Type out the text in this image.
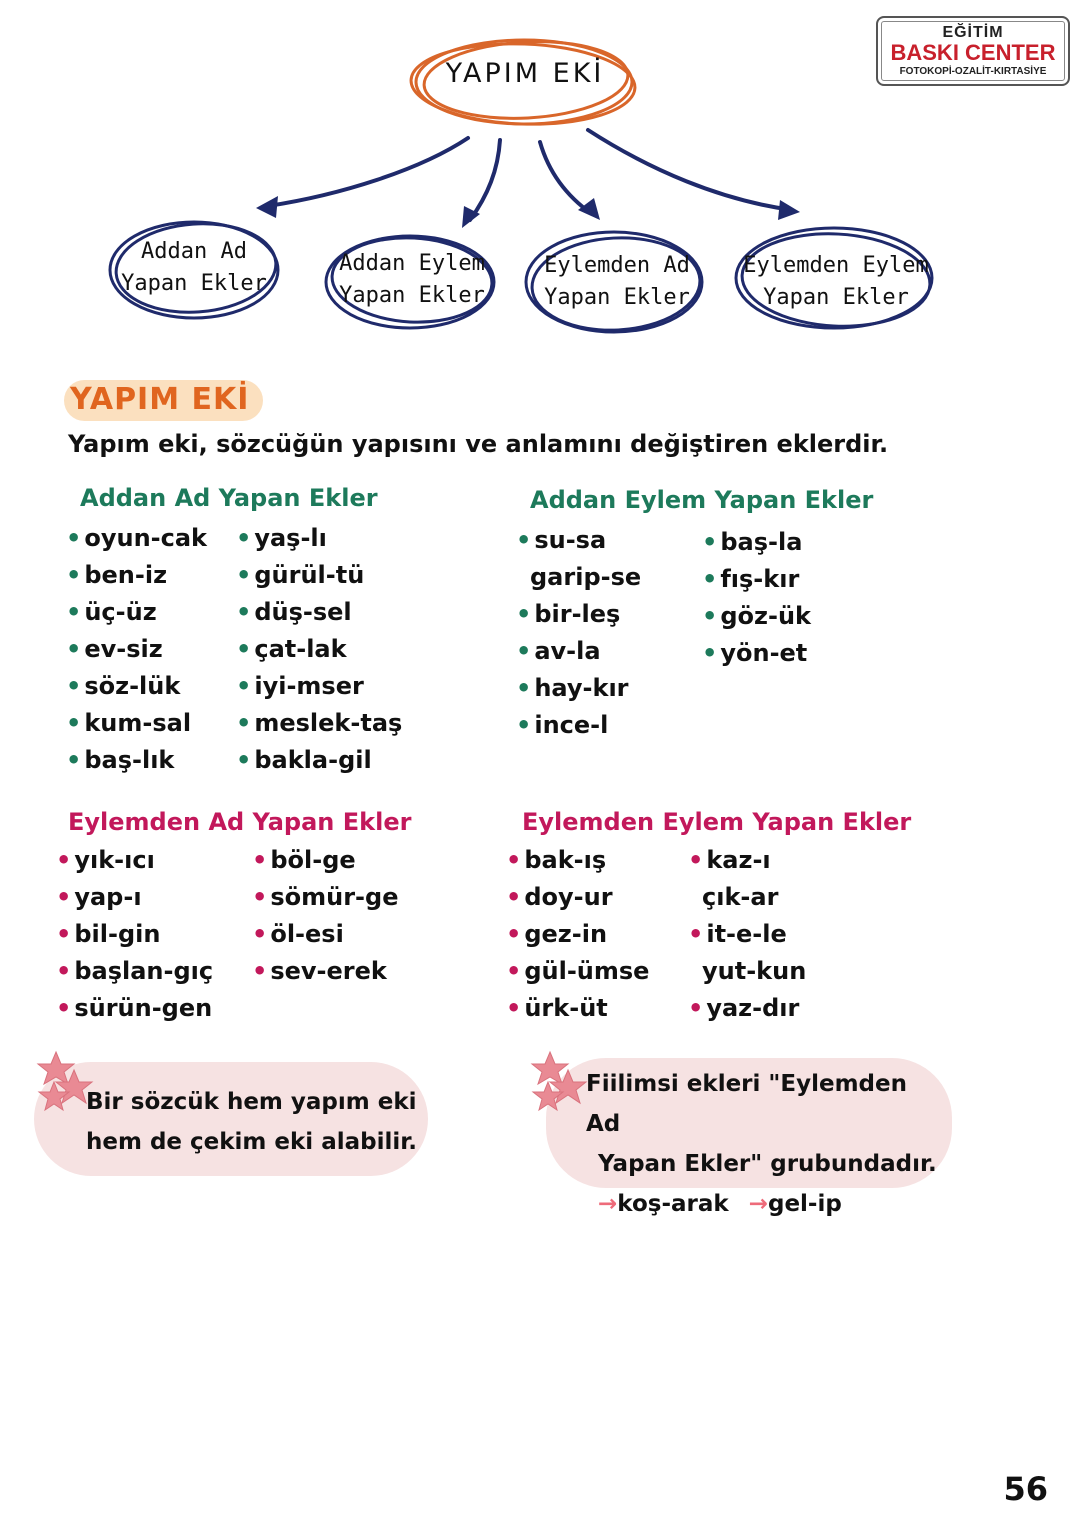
EĞİTİM
BASKI CENTER
FOTOKOPİ-OZALİT-KIRTASİYE
YAPIM EKİ
Addan Ad
Yapan Ekler
Addan Eylem
Yapan Ekler
Eylemden Ad
Yapan Ekler
Eylemden Eylem
Yapan Ekler
YAPIM EKİ
Yapım eki, sözcüğün yapısını ve anlamını değiştiren eklerdir.
Addan Ad Yapan Ekler
• oyun-cak
• ben-iz
• üç-üz
• ev-siz
• söz-lük
• kum-sal
• baş-lık
• yaş-lı
• gürül-tü
• düş-sel
• çat-lak
• iyi-mser
• meslek-taş
• bakla-gil
Addan Eylem Yapan Ekler
• su-sa
garip-se
• bir-leş
• av-la
• hay-kır
• ince-l
• baş-la
• fış-kır
• göz-ük
• yön-et
Eylemden Ad Yapan Ekler
• yık-ıcı
• yap-ı
• bil-gin
• başlan-gıç
• sürün-gen
• böl-ge
• sömür-ge
• öl-esi
• sev-erek
Eylemden Eylem Yapan Ekler
• bak-ış
• doy-ur
• gez-in
• gül-ümse
• ürk-üt
• kaz-ı
çık-ar
• it-e-le
yut-kun
• yaz-dır
Bir sözcük hem yapım eki
hem de çekim eki alabilir.
Fiilimsi ekleri "Eylemden Ad
Yapan Ekler" grubundadır.
→koş-arak →gel-ip
56
